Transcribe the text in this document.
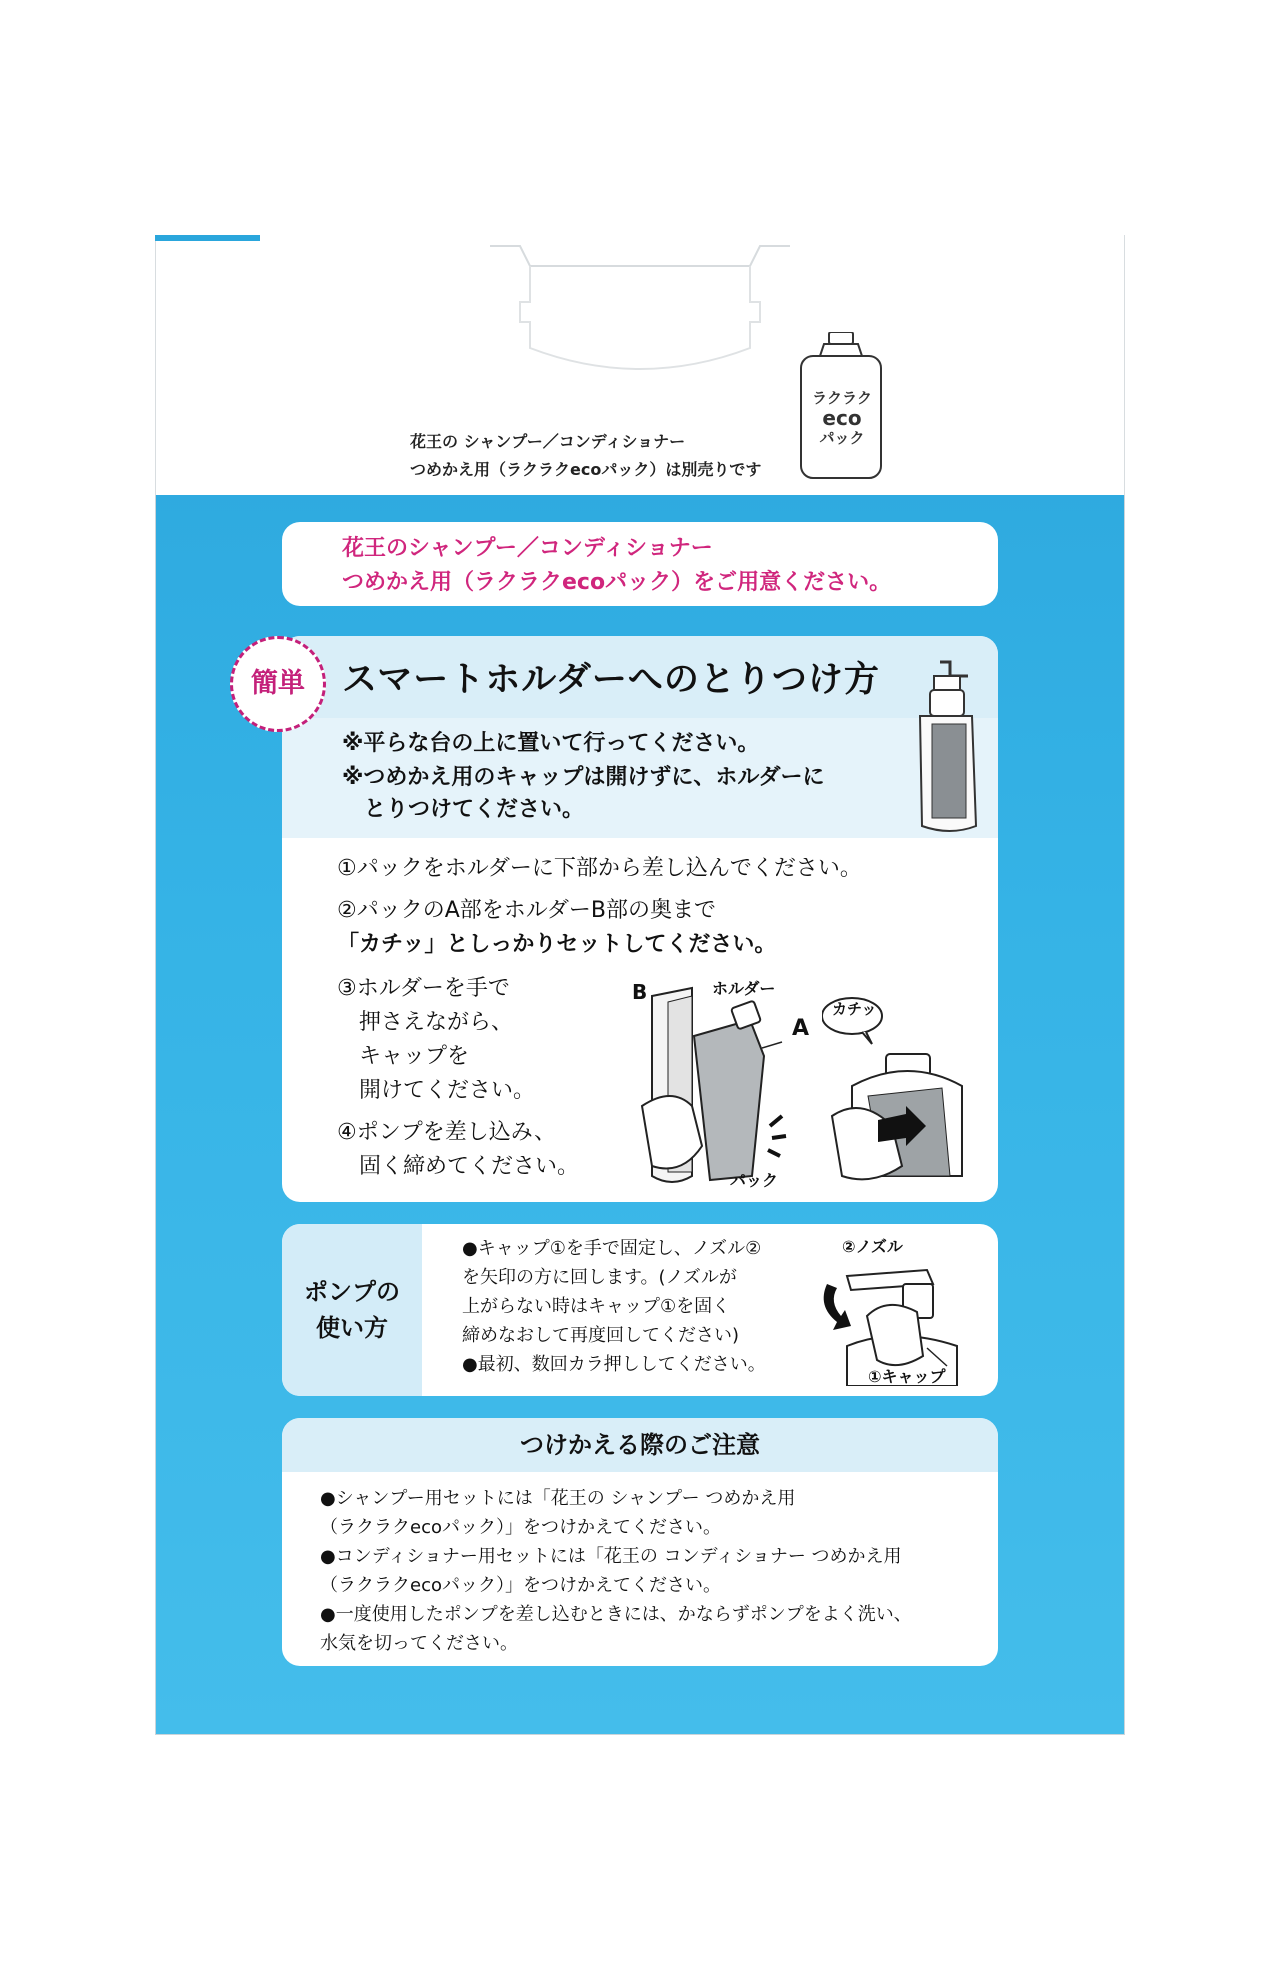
ラクラク
eco
パック
花王の シャンプー／コンディショナー
つめかえ用（ラクラクecoパック）は別売りです
花王のシャンプー／コンディショナー
つめかえ用（ラクラクecoパック）をご用意ください。
スマートホルダーへのとりつけ方
※平らな台の上に置いて行ってください。
※つめかえ用のキャップは開けずに、ホルダーに
　とりつけてください。
①パックをホルダーに下部から差し込んでください。
②パックのA部をホルダーB部の奥まで
「カチッ」としっかりセットしてください。
③ホルダーを手で
　押さえながら、
　キャップを
　開けてください。
④ポンプを差し込み、
　固く締めてください。
B	ホルダー
A
パック
カチッ
簡単
ポンプの
使い方
●キャップ①を手で固定し、ノズル②
を矢印の方に回します。(ノズルが
上がらない時はキャップ①を固く
締めなおして再度回してください)
●最初、数回カラ押ししてください。
②ノズル
①キャップ
つけかえる際のご注意
●シャンプー用セットには「花王の シャンプー つめかえ用
（ラクラクecoパック）」をつけかえてください。
●コンディショナー用セットには「花王の コンディショナー つめかえ用
（ラクラクecoパック）」をつけかえてください。
●一度使用したポンプを差し込むときには、かならずポンプをよく洗い、
水気を切ってください。
